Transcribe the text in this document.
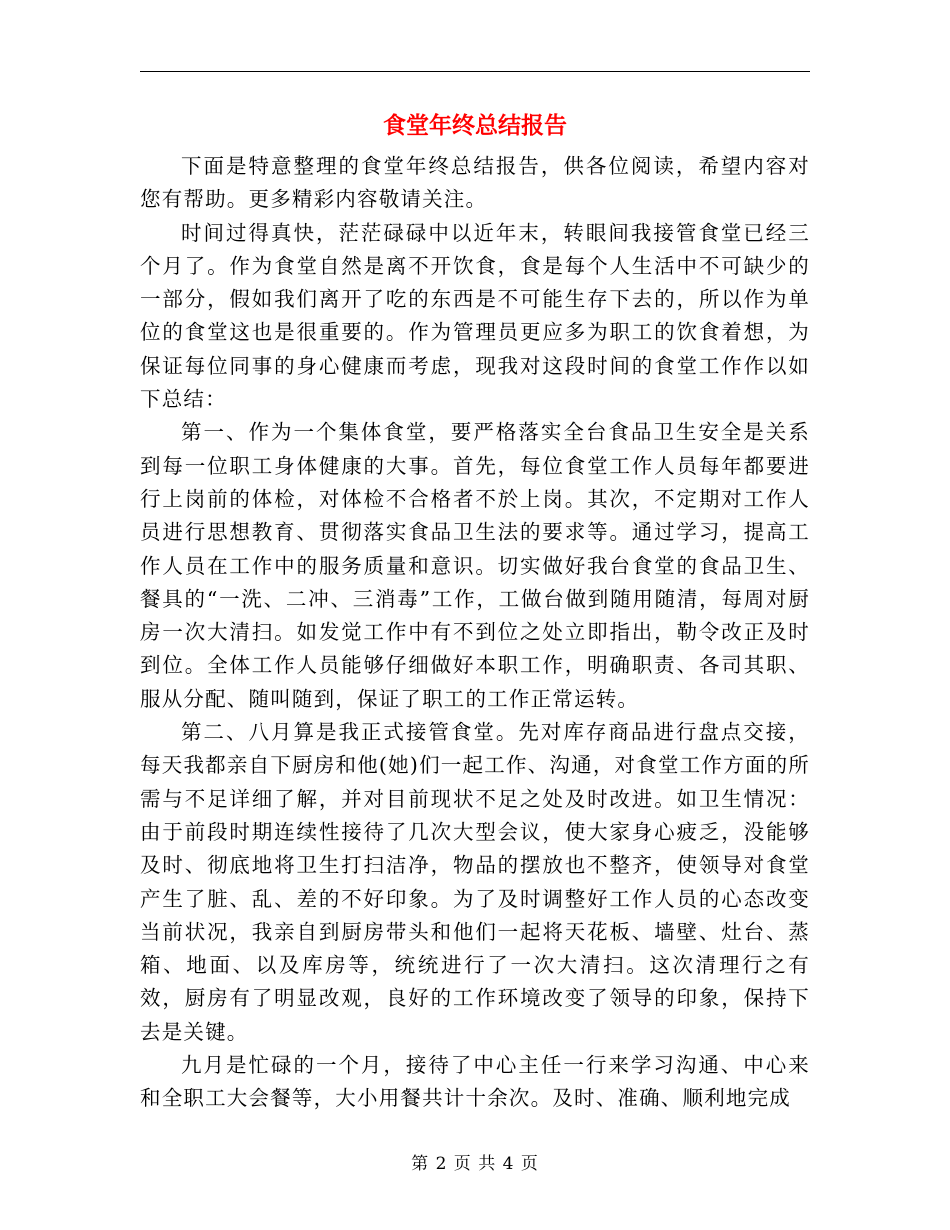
食堂年终总结报告

下面是特意整理的食堂年终总结报告，供各位阅读，希望内容对您有帮助。更多精彩内容敬请关注。

时间过得真快，茫茫碌碌中以近年末，转眼间我接管食堂已经三个月了。作为食堂自然是离不开饮食，食是每个人生活中不可缺少的一部分，假如我们离开了吃的东西是不可能生存下去的，所以作为单位的食堂这也是很重要的。作为管理员更应多为职工的饮食着想，为保证每位同事的身心健康而考虑，现我对这段时间的食堂工作作以如下总结：

第一、作为一个集体食堂，要严格落实全台食品卫生安全是关系到每一位职工身体健康的大事。首先，每位食堂工作人员每年都要进行上岗前的体检，对体检不合格者不於上岗。其次，不定期对工作人员进行思想教育、贯彻落实食品卫生法的要求等。通过学习，提高工作人员在工作中的服务质量和意识。切实做好我台食堂的食品卫生、餐具的“一洗、二冲、三消毒”工作，工做台做到随用随清，每周对厨房一次大清扫。如发觉工作中有不到位之处立即指出，勒令改正及时到位。全体工作人员能够仔细做好本职工作，明确职责、各司其职、服从分配、随叫随到，保证了职工的工作正常运转。

第二、八月算是我正式接管食堂。先对库存商品进行盘点交接，每天我都亲自下厨房和他(她)们一起工作、沟通，对食堂工作方面的所需与不足详细了解，并对目前现状不足之处及时改进。如卫生情况：由于前段时期连续性接待了几次大型会议，使大家身心疲乏，没能够及时、彻底地将卫生打扫洁净，物品的摆放也不整齐，使领导对食堂产生了脏、乱、差的不好印象。为了及时调整好工作人员的心态改变当前状况，我亲自到厨房带头和他们一起将天花板、墙壁、灶台、蒸箱、地面、以及库房等，统统进行了一次大清扫。这次清理行之有效，厨房有了明显改观，良好的工作环境改变了领导的印象，保持下去是关键。

九月是忙碌的一个月，接待了中心主任一行来学习沟通、中心来和全职工大会餐等，大小用餐共计十余次。及时、准确、顺利地完成

第 2 页 共 4 页
